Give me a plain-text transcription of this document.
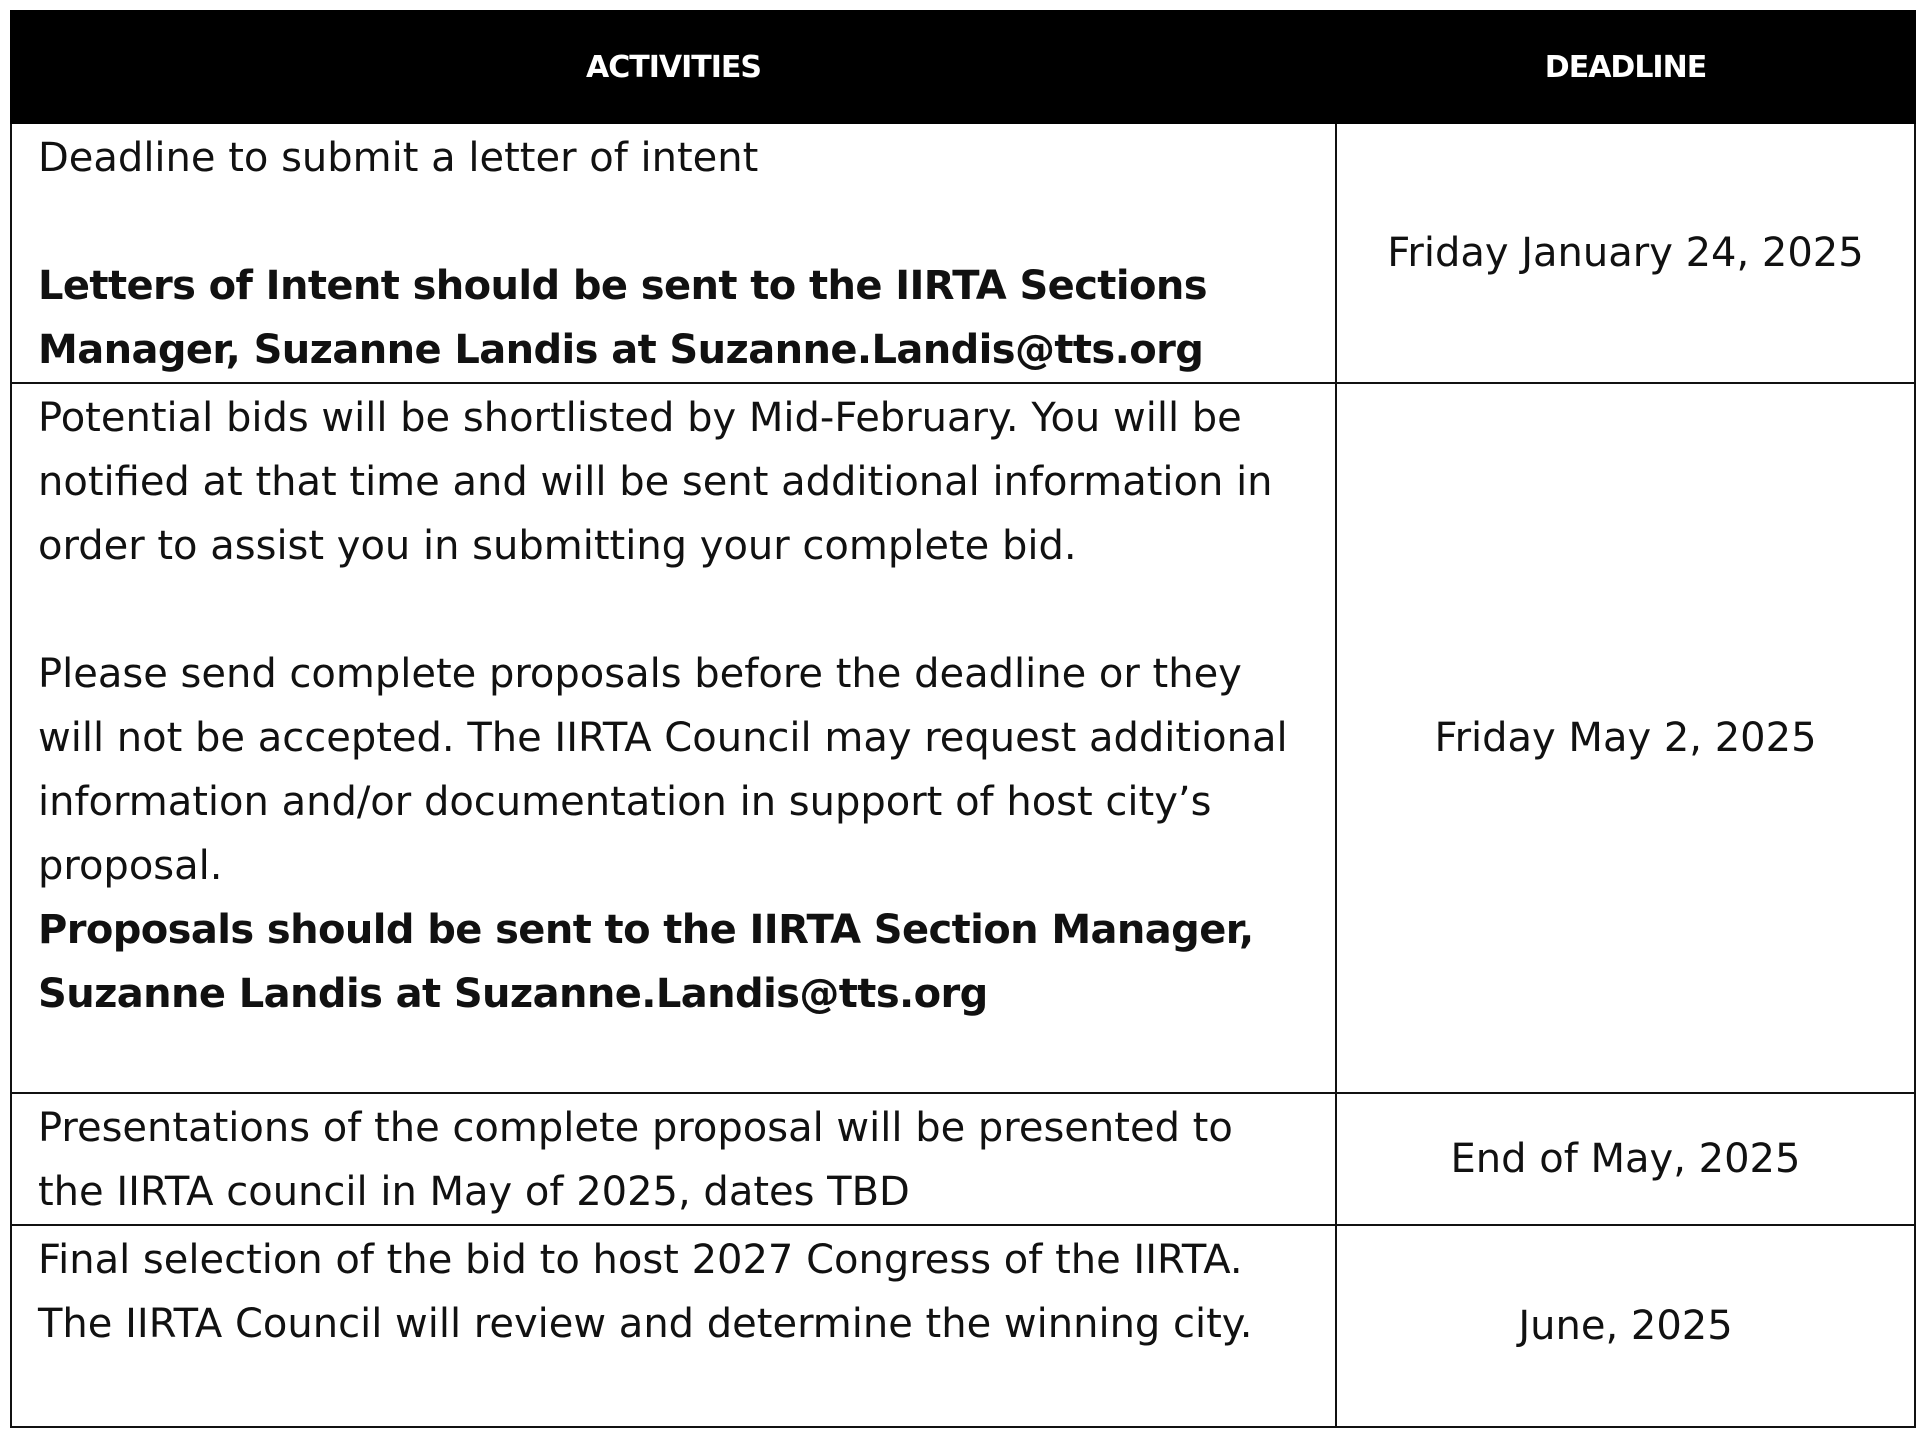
ACTIVITIES	DEADLINE

Deadline to submit a letter of intent

Letters of Intent should be sent to the IIRTA Sections Manager, Suzanne Landis at Suzanne.Landis@tts.org	Friday January 24, 2025

Potential bids will be shortlisted by Mid-February. You will be notified at that time and will be sent additional information in order to assist you in submitting your complete bid.

Please send complete proposals before the deadline or they will not be accepted. The IIRTA Council may request additional information and/or documentation in support of host city’s proposal.

Proposals should be sent to the IIRTA Section Manager, Suzanne Landis at Suzanne.Landis@tts.org	Friday May 2, 2025

Presentations of the complete proposal will be presented to the IIRTA council in May of 2025, dates TBD	End of May, 2025

Final selection of the bid to host 2027 Congress of the IIRTA. The IIRTA Council will review and determine the winning city.	June, 2025
